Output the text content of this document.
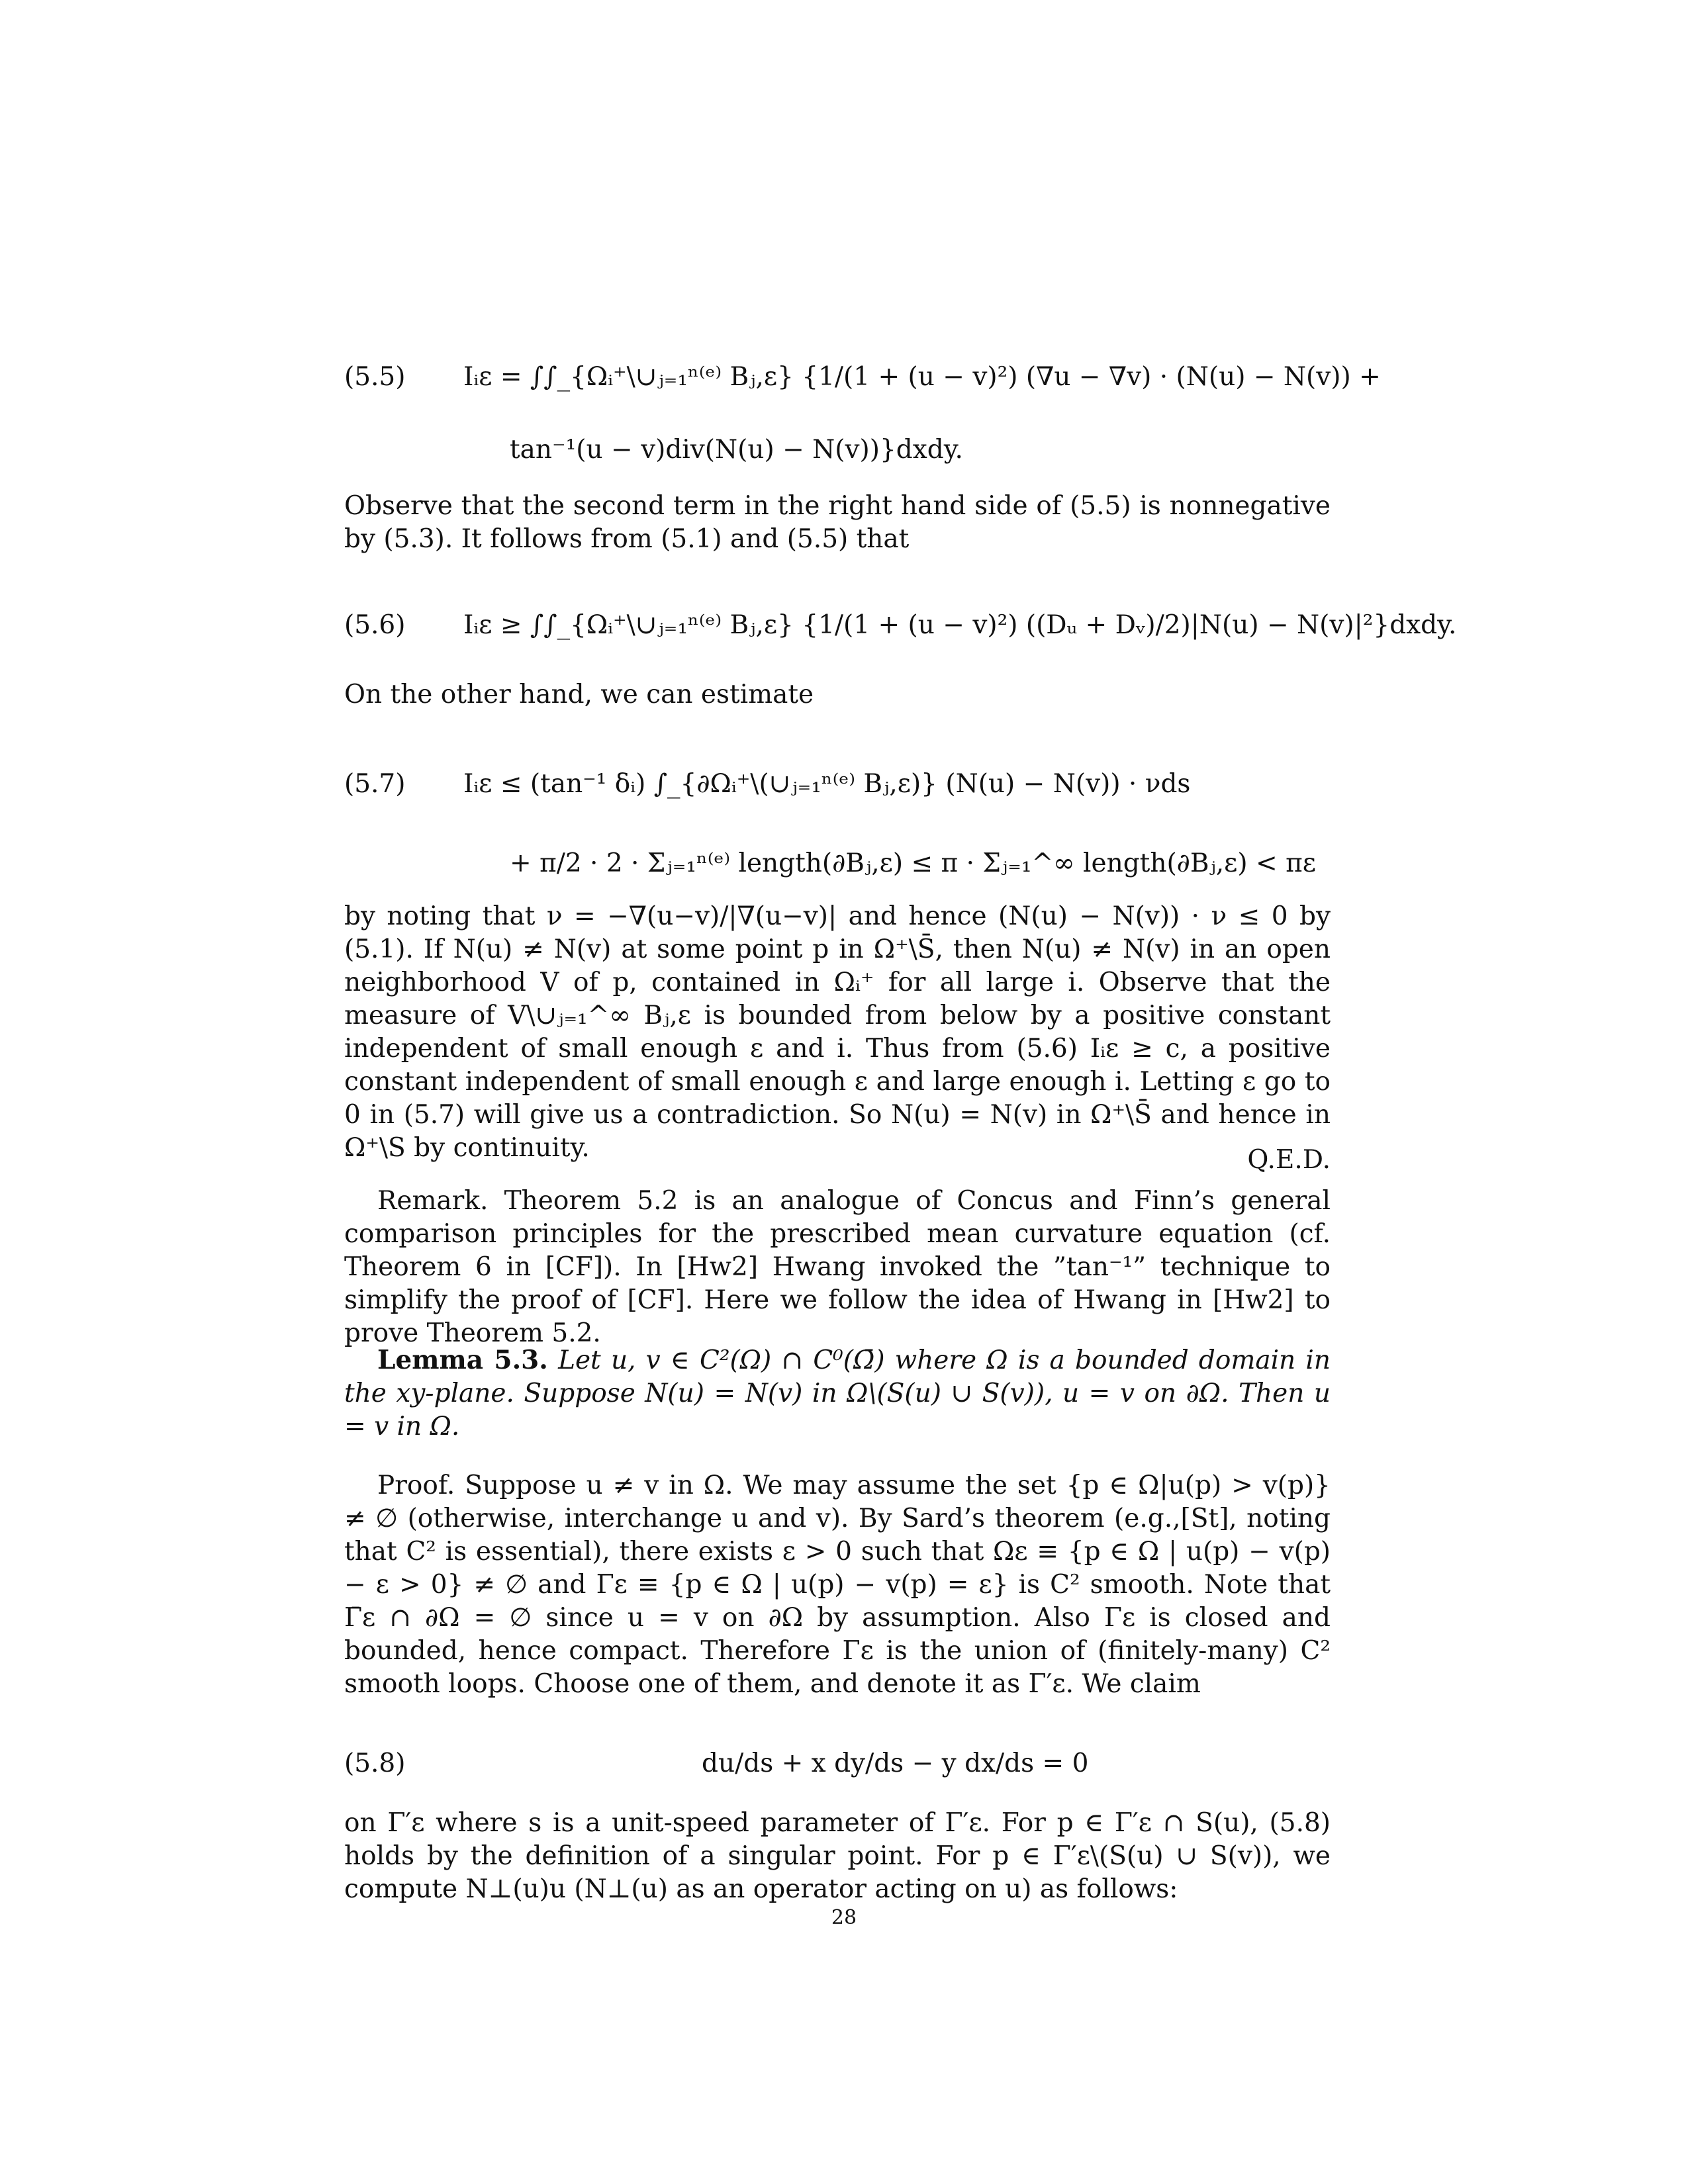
(5.5) Iᵢε = ∫∫_{Ωᵢ⁺\∪ⱼ₌₁ⁿ⁽ᵉ⁾ Bⱼ,ε} {1/(1 + (u − v)²) (∇u − ∇v) · (N(u) − N(v)) +
tan⁻¹(u − v)div(N(u) − N(v))}dxdy.

Observe that the second term in the right hand side of (5.5) is nonnegative by (5.3). It follows from (5.1) and (5.5) that

(5.6) Iᵢε ≥ ∫∫_{Ωᵢ⁺\∪ⱼ₌₁ⁿ⁽ᵉ⁾ Bⱼ,ε} {1/(1 + (u − v)²) ((Dᵤ + Dᵥ)/2)|N(u) − N(v)|²}dxdy.

On the other hand, we can estimate

(5.7) Iᵢε ≤ (tan⁻¹ δᵢ) ∫_{∂Ωᵢ⁺\(∪ⱼ₌₁ⁿ⁽ᵉ⁾ Bⱼ,ε)} (N(u) − N(v)) · νds
+ π/2 · 2 · Σⱼ₌₁ⁿ⁽ᵉ⁾ length(∂Bⱼ,ε) ≤ π · Σⱼ₌₁^∞ length(∂Bⱼ,ε) < πε

by noting that ν = −∇(u−v)/|∇(u−v)| and hence (N(u) − N(v)) · ν ≤ 0 by (5.1). If N(u) ≠ N(v) at some point p in Ω⁺\S̄, then N(u) ≠ N(v) in an open neighborhood V of p, contained in Ωᵢ⁺ for all large i. Observe that the measure of V\∪ⱼ₌₁^∞ Bⱼ,ε is bounded from below by a positive constant independent of small enough ε and i. Thus from (5.6) Iᵢε ≥ c, a positive constant independent of small enough ε and large enough i. Letting ε go to 0 in (5.7) will give us a contradiction. So N(u) = N(v) in Ω⁺\S̄ and hence in Ω⁺\S by continuity.	Q.E.D.

Remark. Theorem 5.2 is an analogue of Concus and Finn’s general comparison principles for the prescribed mean curvature equation (cf. Theorem 6 in [CF]). In [Hw2] Hwang invoked the ”tan⁻¹” technique to simplify the proof of [CF]. Here we follow the idea of Hwang in [Hw2] to prove Theorem 5.2.

Lemma 5.3. Let u, v ∈ C²(Ω) ∩ C⁰(Ω̄) where Ω is a bounded domain in the xy-plane. Suppose N(u) = N(v) in Ω\(S(u) ∪ S(v)), u = v on ∂Ω. Then u = v in Ω.

Proof. Suppose u ≠ v in Ω. We may assume the set {p ∈ Ω|u(p) > v(p)} ≠ ∅ (otherwise, interchange u and v). By Sard’s theorem (e.g.,[St], noting that C² is essential), there exists ε > 0 such that Ωε ≡ {p ∈ Ω | u(p) − v(p) − ε > 0} ≠ ∅ and Γε ≡ {p ∈ Ω | u(p) − v(p) = ε} is C² smooth. Note that Γ̄ε ∩ ∂Ω = ∅ since u = v on ∂Ω by assumption. Also Γε is closed and bounded, hence compact. Therefore Γε is the union of (finitely-many) C² smooth loops. Choose one of them, and denote it as Γ′ε. We claim

(5.8)	du/ds + x dy/ds − y dx/ds = 0

on Γ′ε where s is a unit-speed parameter of Γ′ε. For p ∈ Γ′ε ∩ S(u), (5.8) holds by the definition of a singular point. For p ∈ Γ′ε\(S(u) ∪ S(v)), we compute N⊥(u)u (N⊥(u) as an operator acting on u) as follows:

28
